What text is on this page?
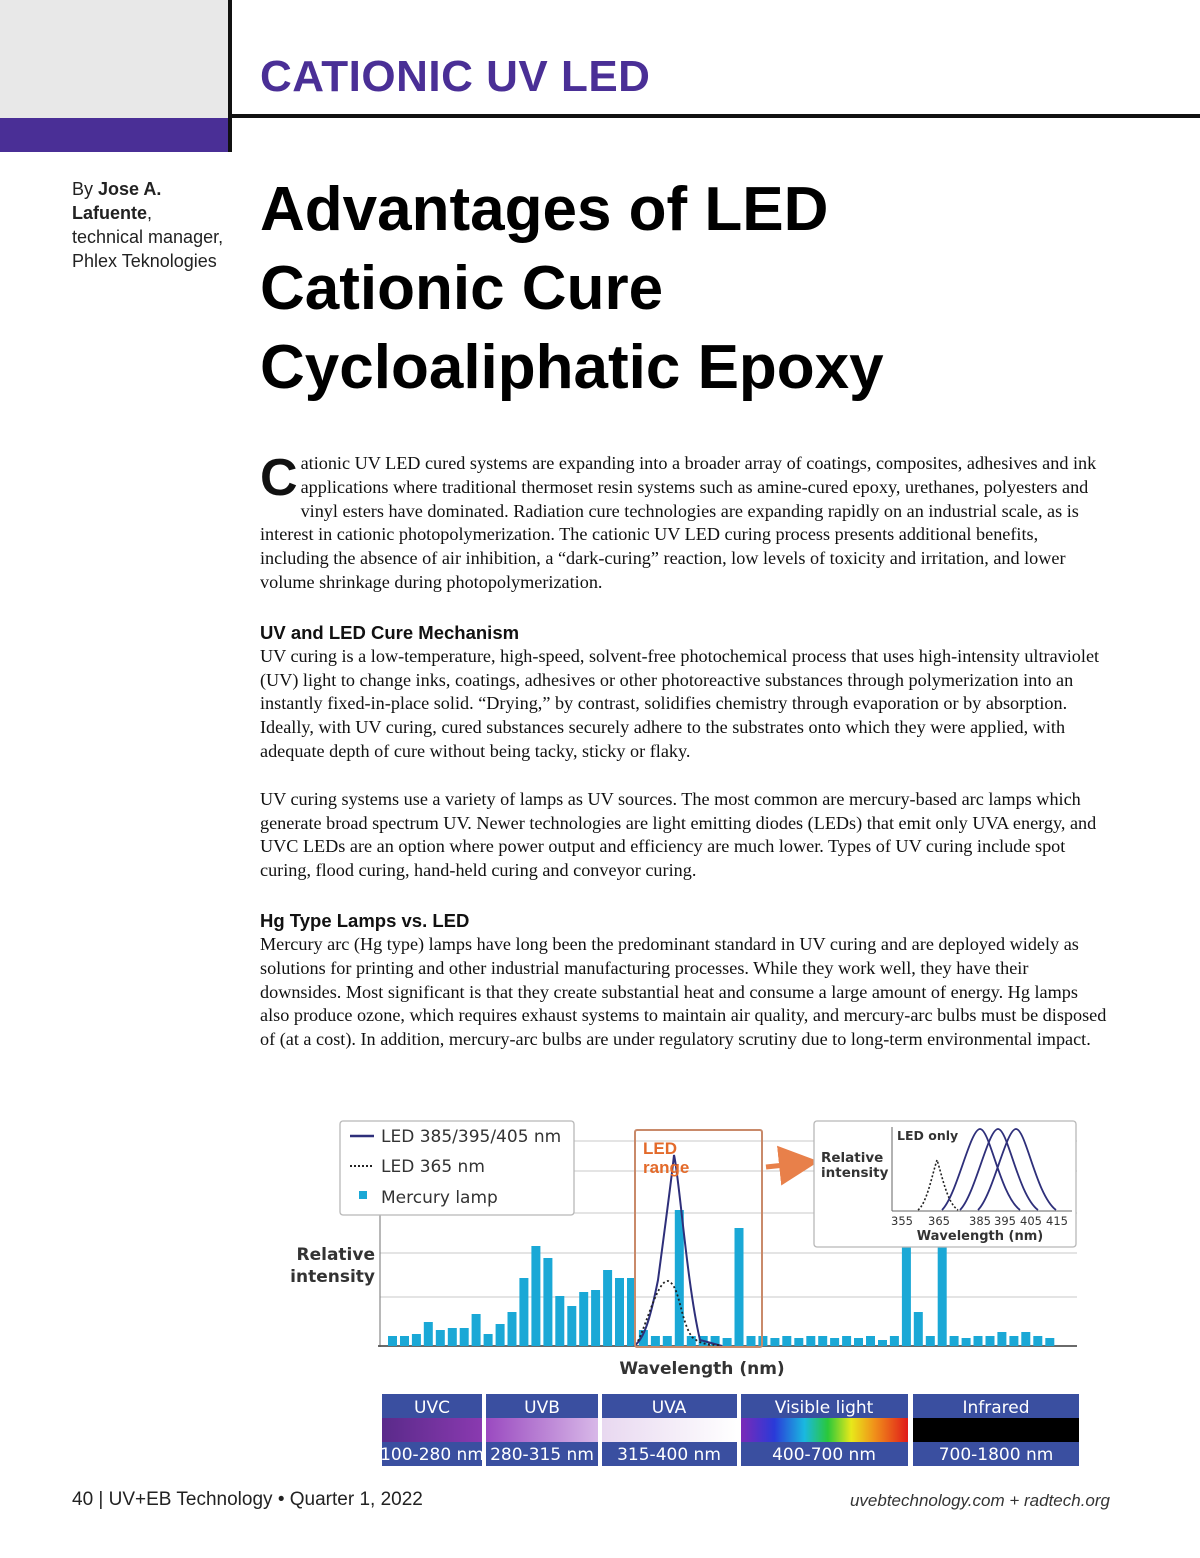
CATIONIC UV LED
By Jose A. Lafuente,
technical manager,
Phlex Teknologies
Advantages of LED
Cationic Cure
Cycloaliphatic Epoxy

Cationic UV LED cured systems are expanding into a broader array of coatings, composites, adhesives and ink applications where traditional thermoset resin systems such as amine-cured epoxy, urethanes, polyesters and vinyl esters have dominated. Radiation cure technologies are expanding rapidly on an industrial scale, as is interest in cationic photopolymerization. The cationic UV LED curing process presents additional benefits, including the absence of air inhibition, a “dark-curing” reaction, low levels of toxicity and irritation, and lower volume shrinkage during photopolymerization.

UV and LED Cure Mechanism

UV curing is a low-temperature, high-speed, solvent-free photochemical process that uses high-intensity ultraviolet (UV) light to change inks, coatings, adhesives or other photoreactive substances through polymerization into an instantly fixed-in-place solid. “Drying,” by contrast, solidifies chemistry through evaporation or by absorption. Ideally, with UV curing, cured substances securely adhere to the substrates onto which they were applied, with adequate depth of cure without being tacky, sticky or flaky.

UV curing systems use a variety of lamps as UV sources. The most common are mercury-based arc lamps which generate broad spectrum UV. Newer technologies are light emitting diodes (LEDs) that emit only UVA energy, and UVC LEDs are an option where power output and efficiency are much lower. Types of UV curing include spot curing, flood curing, hand-held curing and conveyor curing.

Hg Type Lamps vs. LED

Mercury arc (Hg type) lamps have long been the predominant standard in UV curing and are deployed widely as solutions for printing and other industrial manufacturing processes. While they work well, they have their downsides. Most significant is that they create substantial heat and consume a large amount of energy. Hg lamps also produce ozone, which requires exhaust systems to maintain air quality, and mercury-arc bulbs must be disposed of (at a cost). In addition, mercury-arc bulbs are under regulatory scrutiny due to long-term environmental impact.

LED
range
LED 385/395/405 nm
LED 365 nm
Mercury lamp
Relative
intensity
Wavelength (nm)
Relative
intensity
LED only
355 365 385 395 405 415
Wavelength (nm)
UVC
100-280 nm
UVB
280-315 nm
UVA
315-400 nm
Visible light
400-700 nm
Infrared
700-1800 nm
40 | UV+EB Technology • Quarter 1, 2022	uvebtechnology.com + radtech.org
